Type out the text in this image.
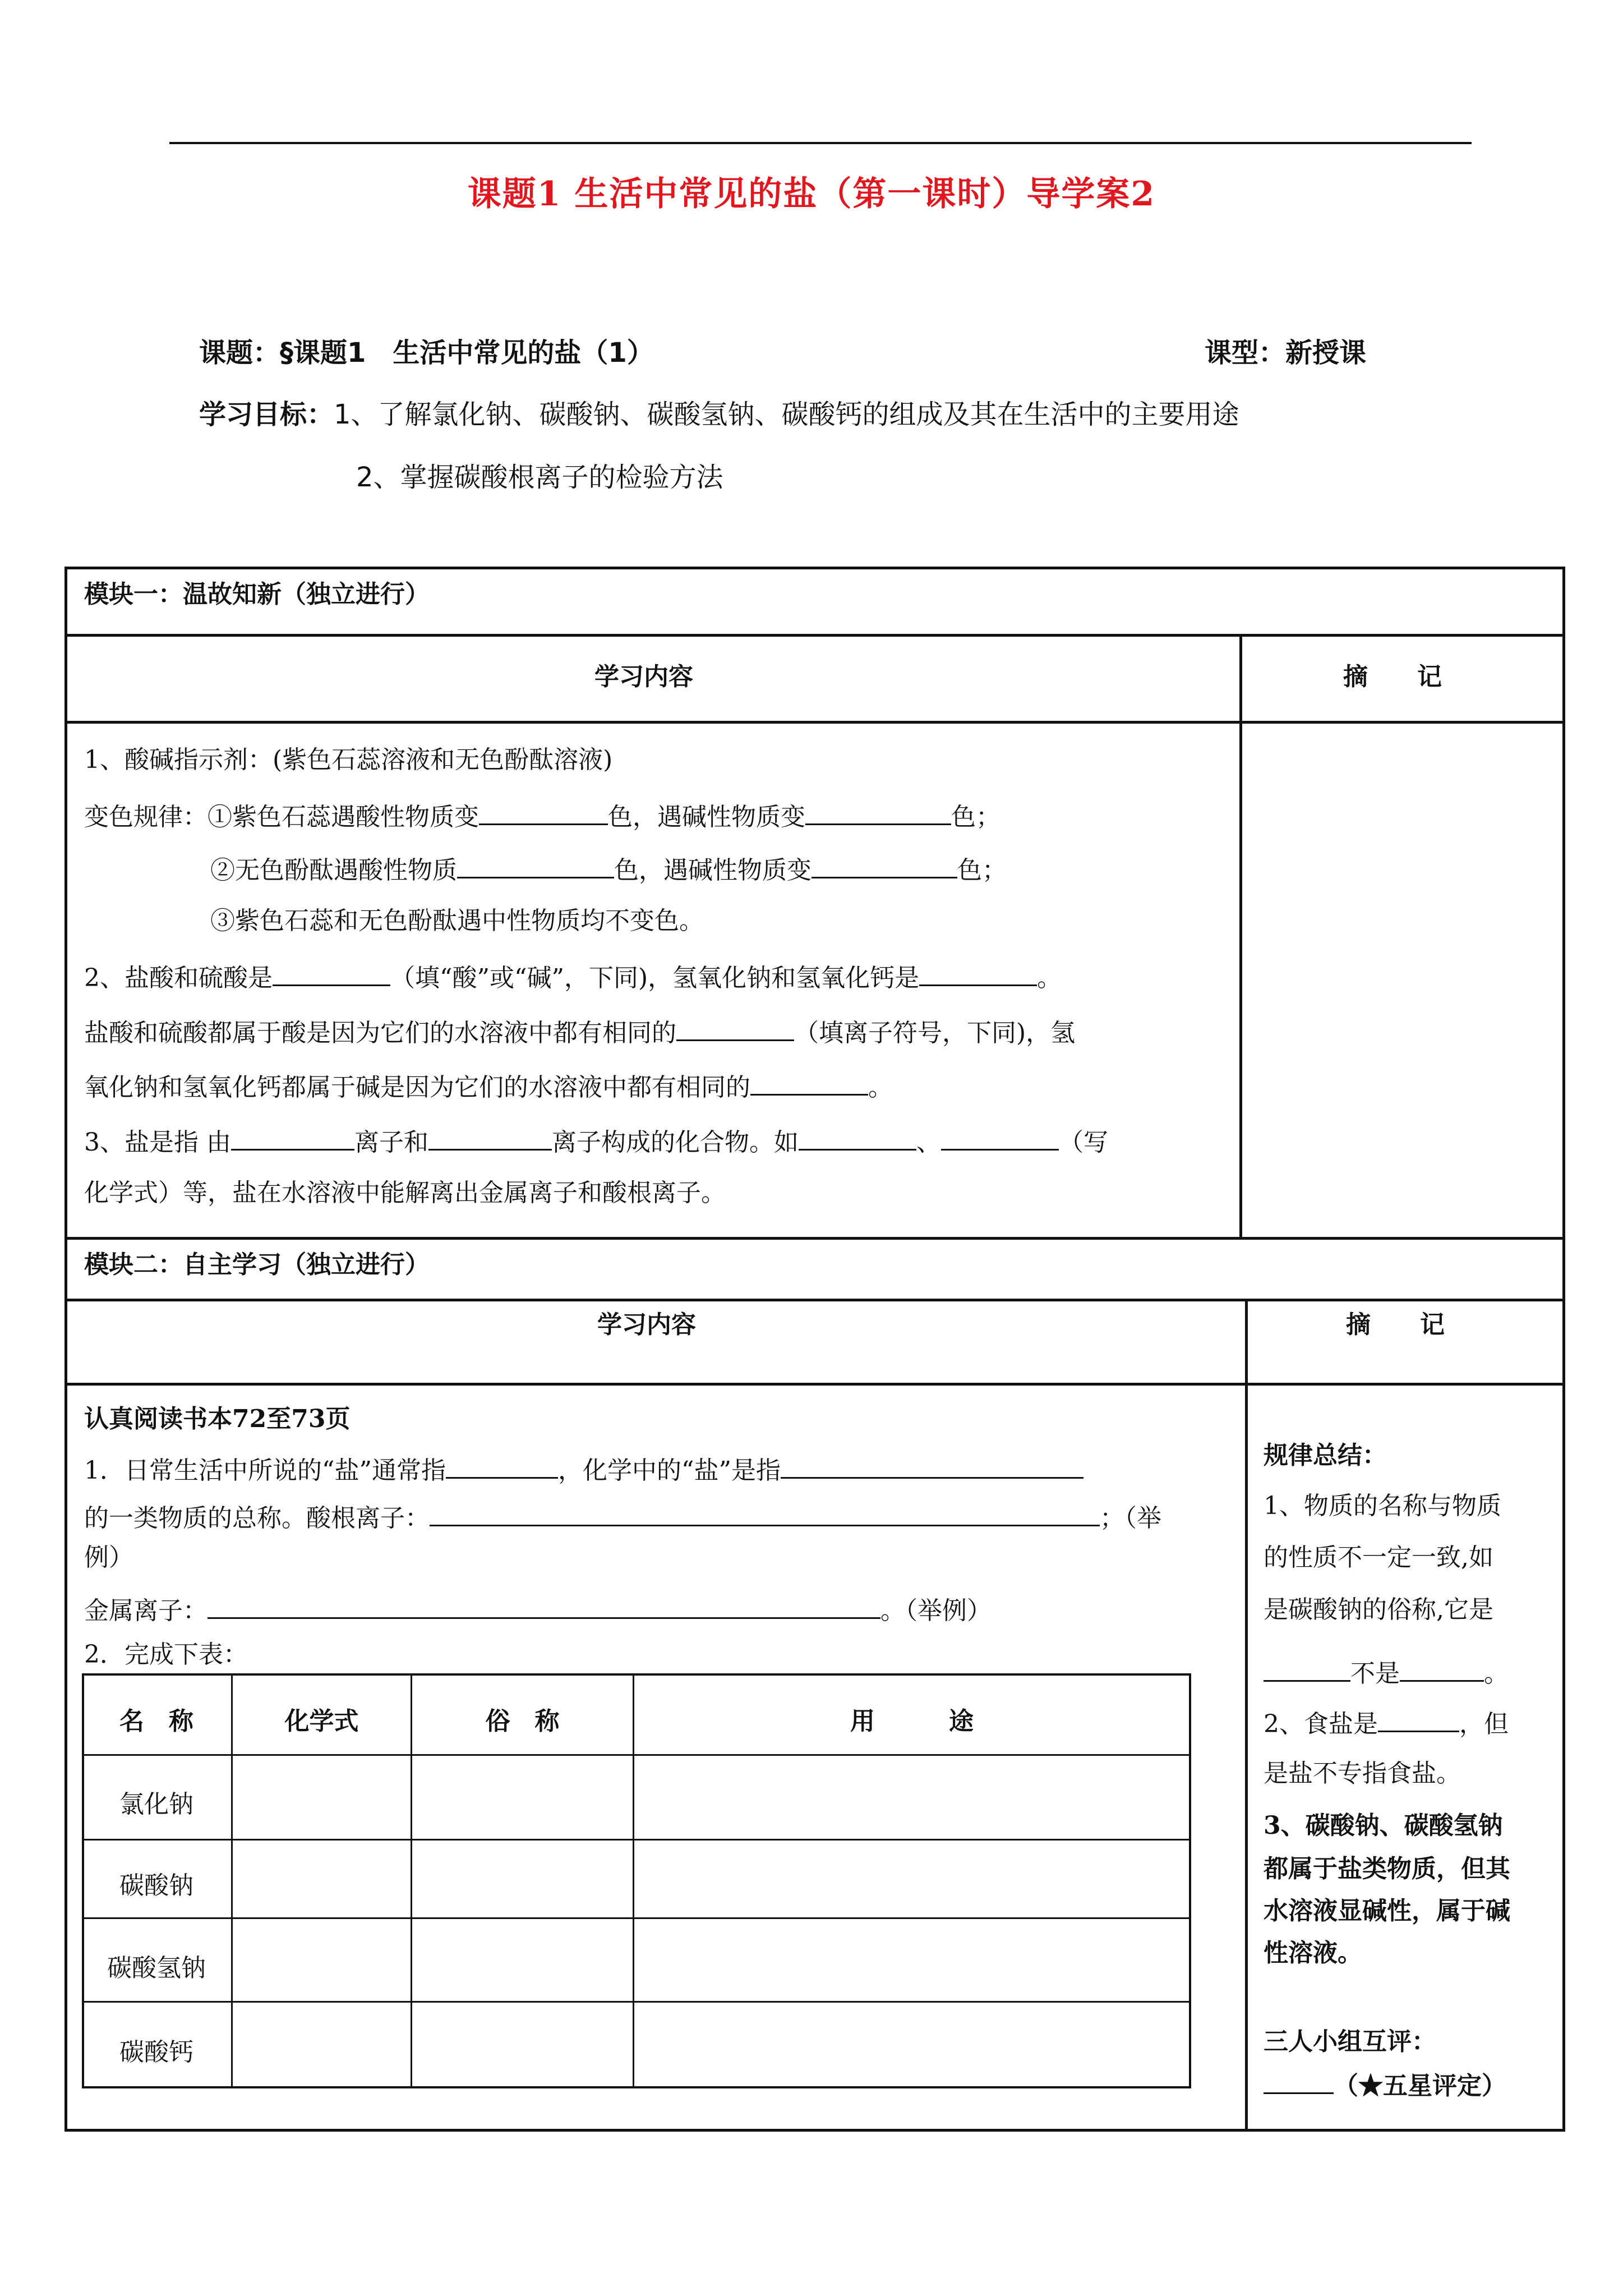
课题1 生活中常见的盐（第一课时）导学案2
课题：§课题1　生活中常见的盐（1）	课型：新授课
学习目标：1、了解氯化钠、碳酸钠、碳酸氢钠、碳酸钙的组成及其在生活中的主要用途
2、掌握碳酸根离子的检验方法
模块一：温故知新（独立进行）
学习内容	摘　　记
1、酸碱指示剂：(紫色石蕊溶液和无色酚酞溶液)
变色规律：①紫色石蕊遇酸性物质变	色，遇碱性物质变	色；
②无色酚酞遇酸性物质	色，遇碱性物质变	色；
③紫色石蕊和无色酚酞遇中性物质均不变色。
2、盐酸和硫酸是	（填“酸”或“碱”，下同)，氢氧化钠和氢氧化钙是	。
盐酸和硫酸都属于酸是因为它们的水溶液中都有相同的	（填离子符号，下同)，氢
氧化钠和氢氧化钙都属于碱是因为它们的水溶液中都有相同的	。
3、盐是指 由	离子和	离子构成的化合物。如	、	（写
化学式）等，盐在水溶液中能解离出金属离子和酸根离子。
模块二：自主学习（独立进行）
学习内容	摘　　记
认真阅读书本72至73页
1．日常生活中所说的“盐”通常指	，化学中的“盐”是指
的一类物质的总称。酸根离子：	；（举
例）
金属离子：	。（举例）
2．完成下表：
名　称	化学式	俗　称	用　　　途
氯化钠
碳酸钠
碳酸氢钠
碳酸钙
规律总结：
1、物质的名称与物质
的性质不一定一致,如
是碳酸钠的俗称,它是
不是	。
2、食盐是	，但
是盐不专指食盐。
3、碳酸钠、碳酸氢钠
都属于盐类物质，但其
水溶液显碱性，属于碱
性溶液。
三人小组互评：
（★五星评定）
